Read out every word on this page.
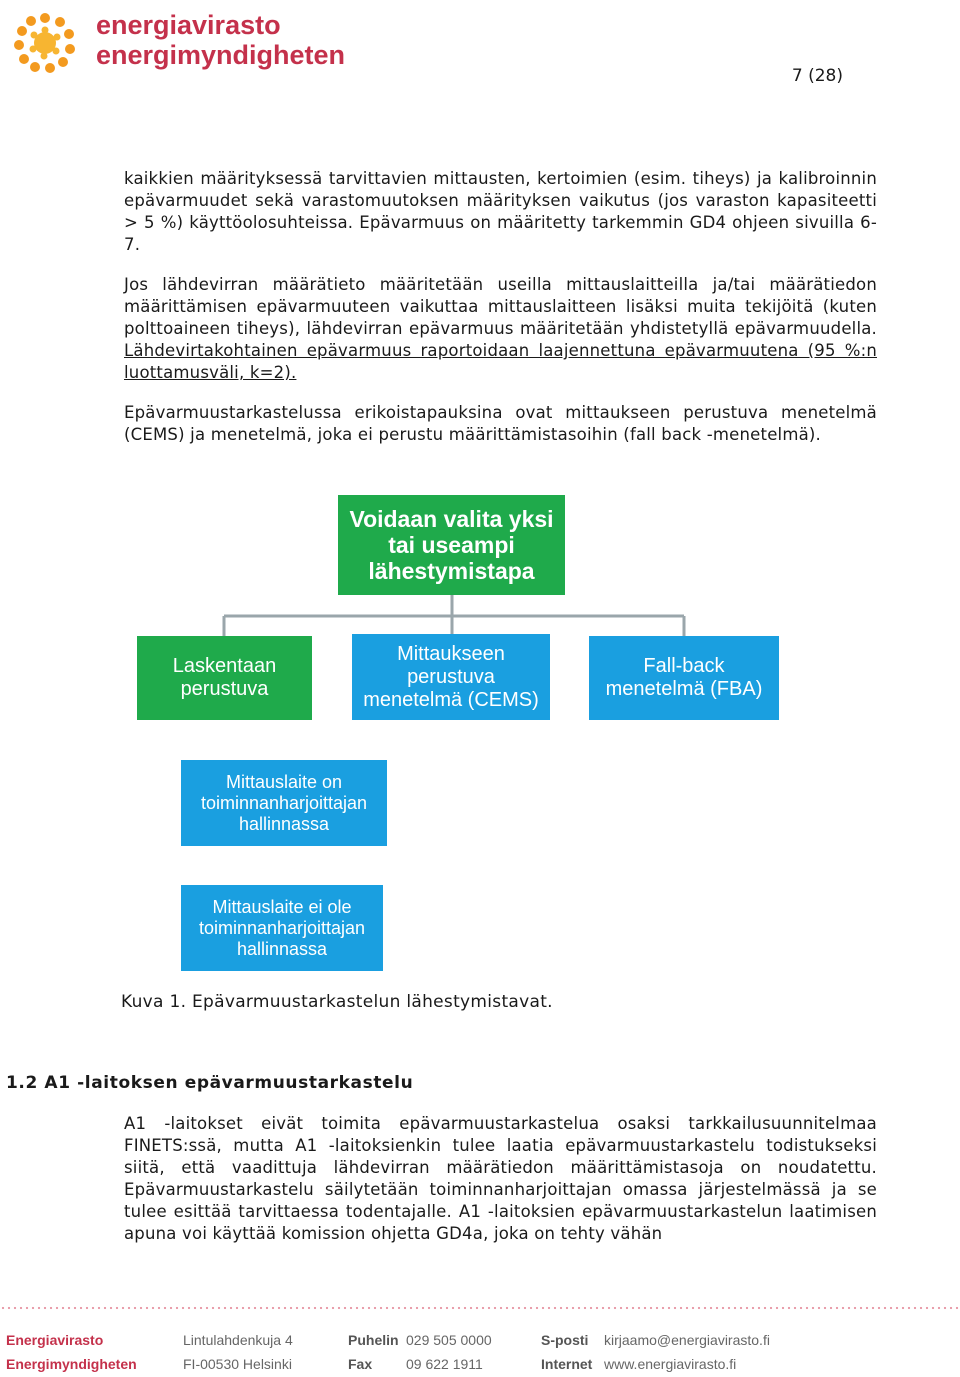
energiavirasto
energimyndigheten
7 (28)

kaikkien määrityksessä tarvittavien mittausten, kertoimien (esim. tiheys) ja kalibroinnin epävarmuudet sekä varastomuutoksen määrityksen vaikutus (jos varaston kapasiteetti > 5 %) käyttöolosuhteissa. Epävarmuus on määritetty tarkemmin GD4 ohjeen sivuilla 6-7.

Jos lähdevirran määrätieto määritetään useilla mittauslaitteilla ja/tai määrätiedon määrittämisen epävarmuuteen vaikuttaa mittauslaitteen lisäksi muita tekijöitä (kuten polttoaineen tiheys), lähdevirran epävarmuus määritetään yhdistetyllä epävarmuudella. Lähdevirtakohtainen epävarmuus raportoidaan laajennettuna epävarmuutena (95 %:n luottamusväli, k=2).

Epävarmuustarkastelussa erikoistapauksina ovat mittaukseen perustuva menetelmä (CEMS) ja menetelmä, joka ei perustu määrittämistasoihin (fall back -menetelmä).

Voidaan valita yksi
tai useampi
lähestymistapa
Laskentaan
perustuva
Mittaukseen
perustuva
menetelmä (CEMS)
Fall-back
menetelmä (FBA)
Mittauslaite on
toiminnanharjoittajan
hallinnassa
Mittauslaite ei ole
toiminnanharjoittajan
hallinnassa
Kuva 1. Epävarmuustarkastelun lähestymistavat.
1.2 A1 -laitoksen epävarmuustarkastelu

A1 -laitokset eivät toimita epävarmuustarkastelua osaksi tarkkailusuunnitelmaa FINETS:ssä, mutta A1 -laitoksienkin tulee laatia epävarmuustarkastelu todistukseksi siitä, että vaadittuja lähdevirran määrätiedon määrittämistasoja on noudatettu. Epävarmuustarkastelu säilytetään toiminnanharjoittajan omassa järjestelmässä ja se tulee esittää tarvittaessa todentajalle. A1 -laitoksien epävarmuustarkastelun laatimisen apuna voi käyttää komission ohjetta GD4a, joka on tehty vähän

Energiavirasto
Energimyndigheten
Lintulahdenkuja 4
FI-00530 Helsinki
Puhelin
Fax
029 505 0000
09 622 1911
S-posti
Internet
kirjaamo@energiavirasto.fi
www.energiavirasto.fi
